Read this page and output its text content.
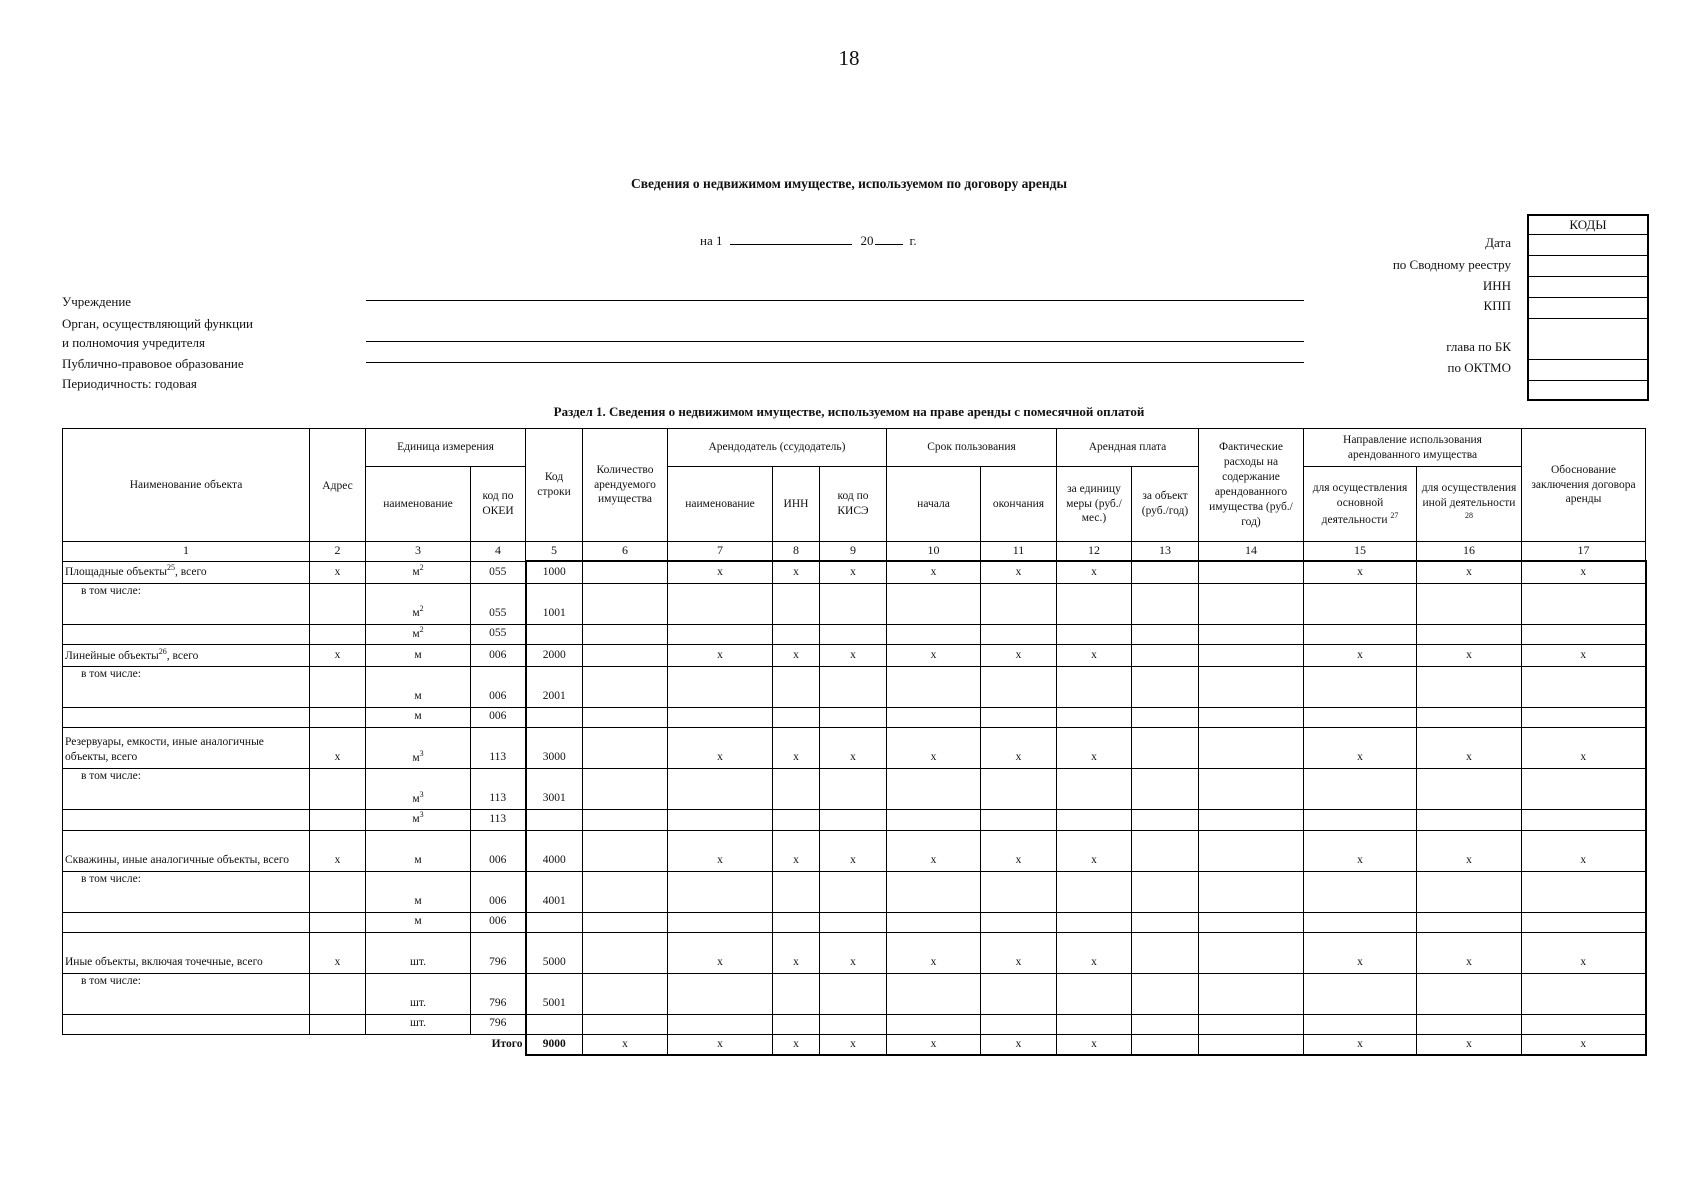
18
Сведения о недвижимом имуществе, используемом по договору аренды
на 1	20	г.
Учреждение
Орган, осуществляющий функции
и полномочия учредителя
Публично-правовое образование
Периодичность: годовая
Дата
по Сводному реестру
ИНН
КПП
глава по БК
по ОКТМО
КОДЫ
Раздел 1. Сведения о недвижимом имуществе, используемом на праве аренды с помесячной оплатой
Наименование объекта	Адрес	Единица измерения		Код строки	Количество арендуемого имущества	Арендодатель (ссудодатель)			Срок пользования		Арендная плата		Фактические расходы на содержание арендованного имущества (руб./год)	Направление использования арендованного имущества		Обоснование заключения договора аренды
		наименование	код по ОКЕИ			наименование	ИНН	код по КИСЭ	начала	окончания	за единицу меры (руб./мес.)	за объект (руб./год)		для осуществления основной деятельности $^{27}$	для осуществления иной деятельности $^{28}$
1	2	3	4	5	6	7	8	9	10	11	12	13	14	15	16	17
Площадные объекты$^{25}$, всего	x	$м^2$	055	1000		x	x	x	x	x	x			x	x	x
в том числе:		$м^2$	055	1001												
		$м^2$	055													
Линейные объекты$^{26}$, всего	x	м	006	2000		x	x	x	x	x	x			x	x	x
в том числе:		м	006	2001												
		м	006													
Резервуары, емкости, иные аналогичные объекты, всего	x	$м^3$	113	3000		x	x	x	x	x	x			x	x	x
в том числе:		$м^3$	113	3001												
		$м^3$	113													
Скважины, иные аналогичные объекты, всего	x	м	006	4000		x	x	x	x	x	x			x	x	x
в том числе:		м	006	4001												
		м	006													
Иные объекты, включая точечные, всего	x	шт.	796	5000		x	x	x	x	x	x			x	x	x
в том числе:		шт.	796	5001												
		шт.	796													
Итого				9000	x	x	x	x	x	x	x			x	x	x
